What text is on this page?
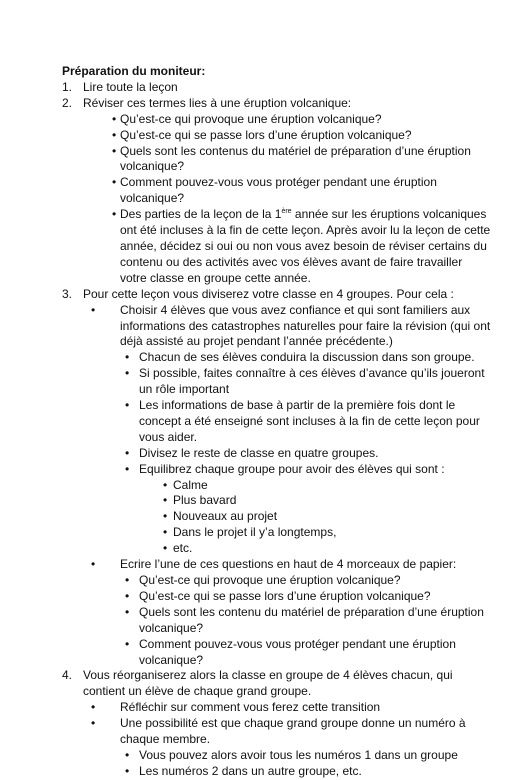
Préparation du moniteur:
1. Lire toute la leçon
2. Réviser ces termes lies à une éruption volcanique:
• Qu’est-ce qui provoque une éruption volcanique?
• Qu’est-ce qui se passe lors d’une éruption volcanique?
• Quels sont les contenus du matériel de préparation d’une éruption volcanique?
• Comment pouvez-vous vous protéger pendant une éruption volcanique?
• Des parties de la leçon de la 1ère année sur les éruptions volcaniques ont été incluses à la fin de cette leçon. Après avoir lu la leçon de cette année, décidez si oui ou non vous avez besoin de réviser certains du contenu ou des activités avec vos élèves avant de faire travailler votre classe en groupe cette année.
3. Pour cette leçon vous diviserez votre classe en 4 groupes. Pour cela :
• Choisir 4 élèves que vous avez confiance et qui sont familiers aux informations des catastrophes naturelles pour faire la révision (qui ont déjà assisté au projet pendant l’année précédente.)
• Chacun de ses élèves conduira la discussion dans son groupe.
• Si possible, faites connaître à ces élèves d’avance qu’ils joueront un rôle important
• Les informations de base à partir de la première fois dont le concept a été enseigné sont incluses à la fin de cette leçon pour vous aider.
• Divisez le reste de classe en quatre groupes.
• Equilibrez chaque groupe pour avoir des élèves qui sont :
• Calme
• Plus bavard
• Nouveaux au projet
• Dans le projet il y’a longtemps,
• etc.
• Ecrire l’une de ces questions en haut de 4 morceaux de papier:
• Qu’est-ce qui provoque une éruption volcanique?
• Qu’est-ce qui se passe lors d’une éruption volcanique?
• Quels sont les contenu du matériel de préparation d’une éruption volcanique?
• Comment pouvez-vous vous protéger pendant une éruption volcanique?
4. Vous réorganiserez alors la classe en groupe de 4 élèves chacun, qui contient un élève de chaque grand groupe.
• Réfléchir sur comment vous ferez cette transition
• Une possibilité est que chaque grand groupe donne un numéro à chaque membre.
• Vous pouvez alors avoir tous les numéros 1 dans un groupe
• Les numéros 2 dans un autre groupe, etc.
